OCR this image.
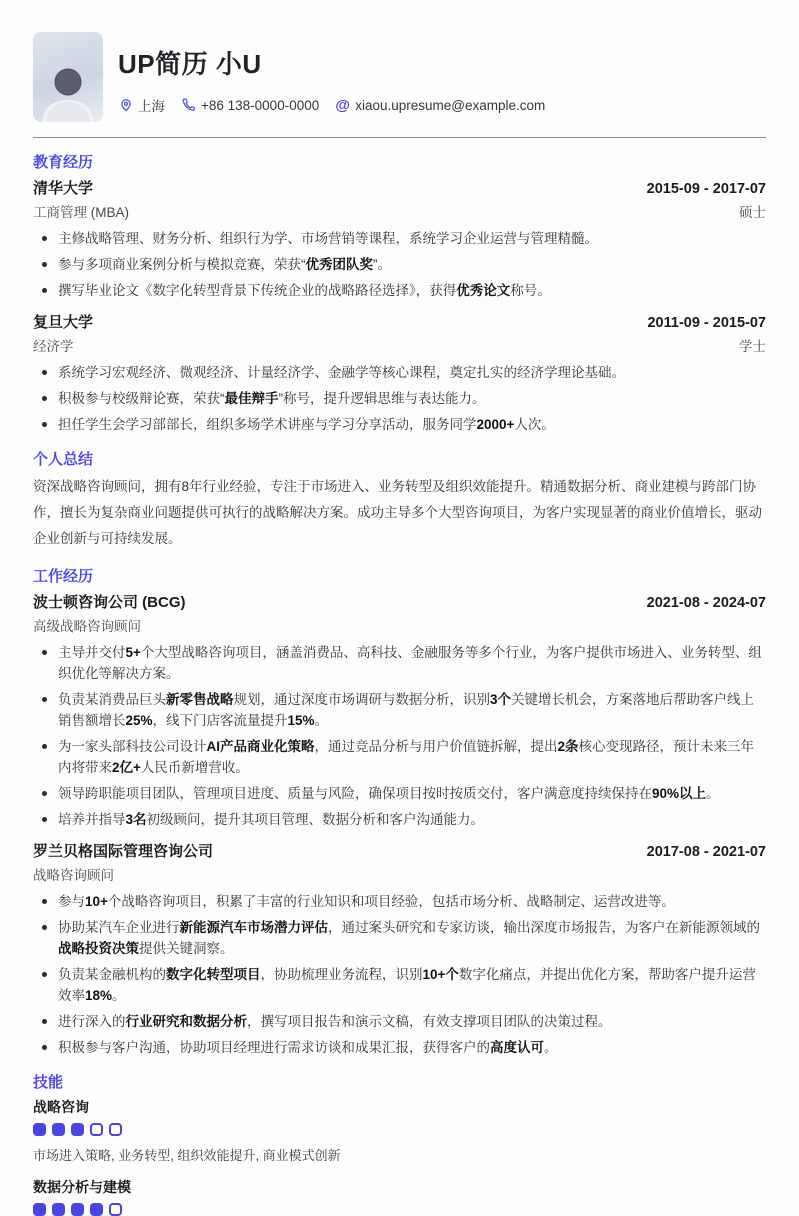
UP简历 小U
上海	+86 138-0000-0000 @ xiaou.upresume@example.com
教育经历
清华大学	2015-09 - 2017-07
工商管理 (MBA)	硕士
主修战略管理、财务分析、组织行为学、市场营销等课程，系统学习企业运营与管理精髓。
参与多项商业案例分析与模拟竞赛，荣获“优秀团队奖”。
撰写毕业论文《数字化转型背景下传统企业的战略路径选择》，获得优秀论文称号。
复旦大学	2011-09 - 2015-07
经济学	学士
系统学习宏观经济、微观经济、计量经济学、金融学等核心课程，奠定扎实的经济学理论基础。
积极参与校级辩论赛，荣获“最佳辩手”称号，提升逻辑思维与表达能力。
担任学生会学习部部长，组织多场学术讲座与学习分享活动，服务同学2000+人次。
个人总结
资深战略咨询顾问，拥有8年行业经验，专注于市场进入、业务转型及组织效能提升。精通数据分析、商业建模与跨部门协作，擅长为复杂商业问题提供可执行的战略解决方案。成功主导多个大型咨询项目，为客户实现显著的商业价值增长，驱动企业创新与可持续发展。
工作经历
波士顿咨询公司 (BCG)	2021-08 - 2024-07
高级战略咨询顾问
主导并交付5+个大型战略咨询项目，涵盖消费品、高科技、金融服务等多个行业，为客户提供市场进入、业务转型、组织优化等解决方案。
负责某消费品巨头新零售战略规划，通过深度市场调研与数据分析，识别3个关键增长机会，方案落地后帮助客户线上销售额增长25%，线下门店客流量提升15%。
为一家头部科技公司设计AI产品商业化策略，通过竞品分析与用户价值链拆解，提出2条核心变现路径，预计未来三年内将带来2亿+人民币新增营收。
领导跨职能项目团队，管理项目进度、质量与风险，确保项目按时按质交付，客户满意度持续保持在90%以上。
培养并指导3名初级顾问，提升其项目管理、数据分析和客户沟通能力。
罗兰贝格国际管理咨询公司	2017-08 - 2021-07
战略咨询顾问
参与10+个战略咨询项目，积累了丰富的行业知识和项目经验，包括市场分析、战略制定、运营改进等。
协助某汽车企业进行新能源汽车市场潜力评估，通过案头研究和专家访谈，输出深度市场报告，为客户在新能源领域的战略投资决策提供关键洞察。
负责某金融机构的数字化转型项目，协助梳理业务流程，识别10+个数字化痛点，并提出优化方案，帮助客户提升运营效率18%。
进行深入的行业研究和数据分析，撰写项目报告和演示文稿，有效支撑项目团队的决策过程。
积极参与客户沟通，协助项目经理进行需求访谈和成果汇报，获得客户的高度认可。
技能
战略咨询
市场进入策略, 业务转型, 组织效能提升, 商业模式创新
数据分析与建模
